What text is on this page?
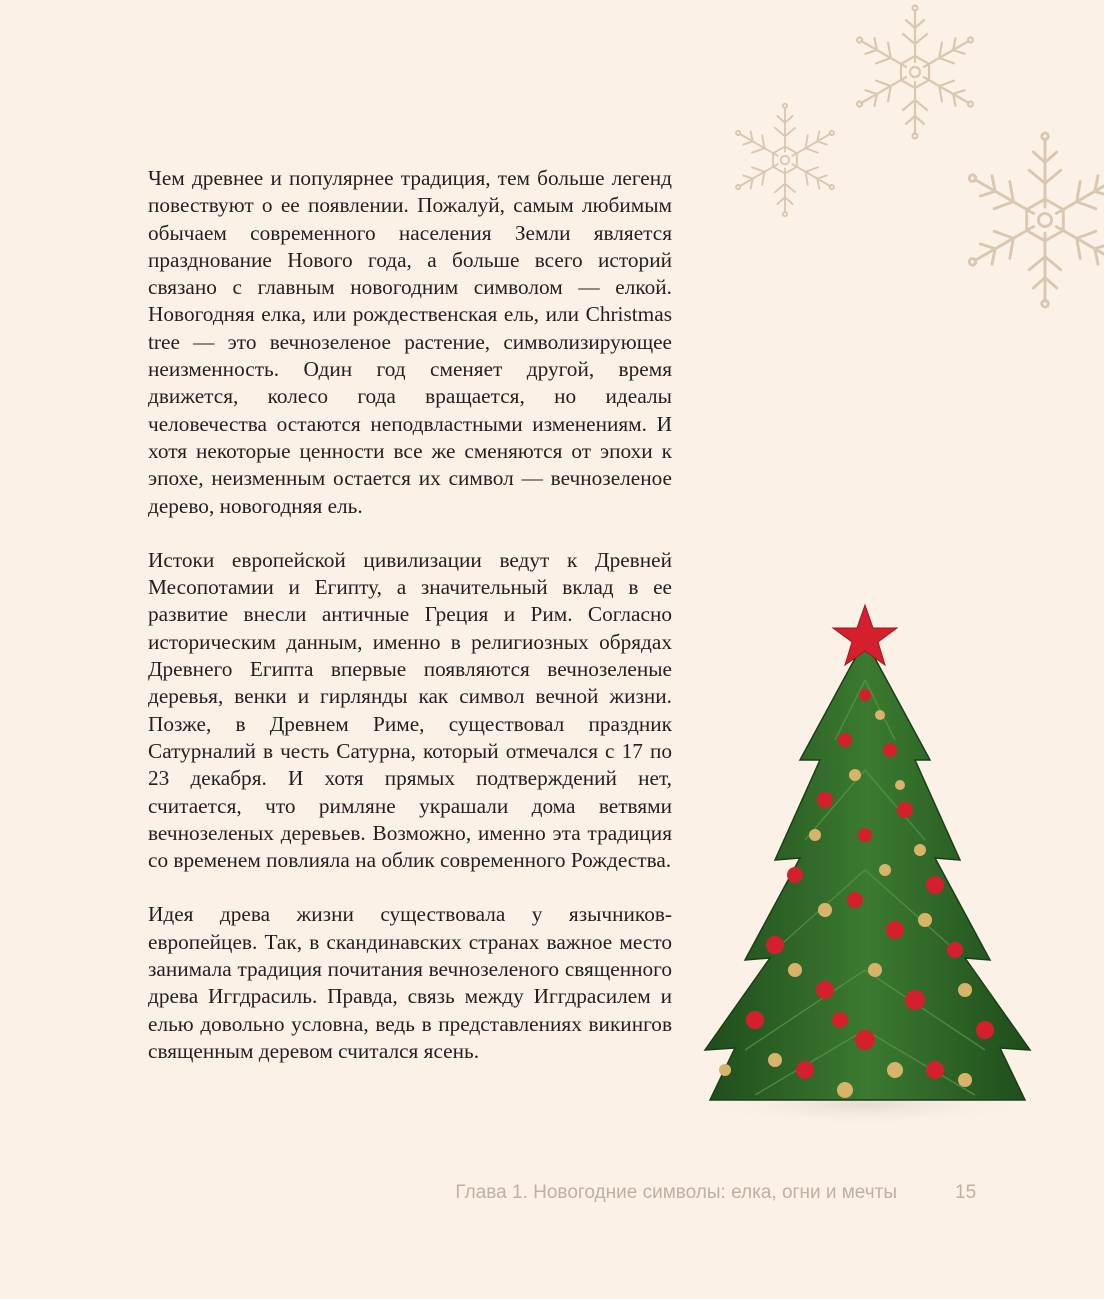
Чем древнее и популярнее традиция, тем больше легенд повествуют о ее появлении. Пожалуй, самым любимым обычаем современного населения Земли является празднование Нового года, а больше всего историй связано с главным новогодним символом — елкой. Новогодняя елка, или рождественская ель, или Christmas tree — это вечнозеленое растение, символизирующее неизменность. Один год сменяет другой, время движется, колесо года вращается, но идеалы человечества остаются неподвластными изменениям. И хотя некоторые ценности все же сменяются от эпохи к эпохе, неизменным остается их символ — вечнозеленое дерево, новогодняя ель.

Истоки европейской цивилизации ведут к Древней Месопотамии и Египту, а значительный вклад в ее развитие внесли античные Греция и Рим. Согласно историческим данным, именно в религиозных обрядах Древнего Египта впервые появляются вечнозеленые деревья, венки и гирлянды как символ вечной жизни. Позже, в Древнем Риме, существовал праздник Сатурналий в честь Сатурна, который отмечался с 17 по 23 декабря. И хотя прямых подтверждений нет, считается, что римляне украшали дома ветвями вечнозеленых деревьев. Возможно, именно эта традиция со временем повлияла на облик современного Рождества.

Идея древа жизни существовала у язычников-европейцев. Так, в скандинавских странах важное место занимала традиция почитания вечнозеленого священного древа Иггдрасиль. Правда, связь между Иггдрасилем и елью довольно условна, ведь в представлениях викингов священным деревом считался ясень.

Глава 1. Новогодние символы: елка, огни и мечты	15
